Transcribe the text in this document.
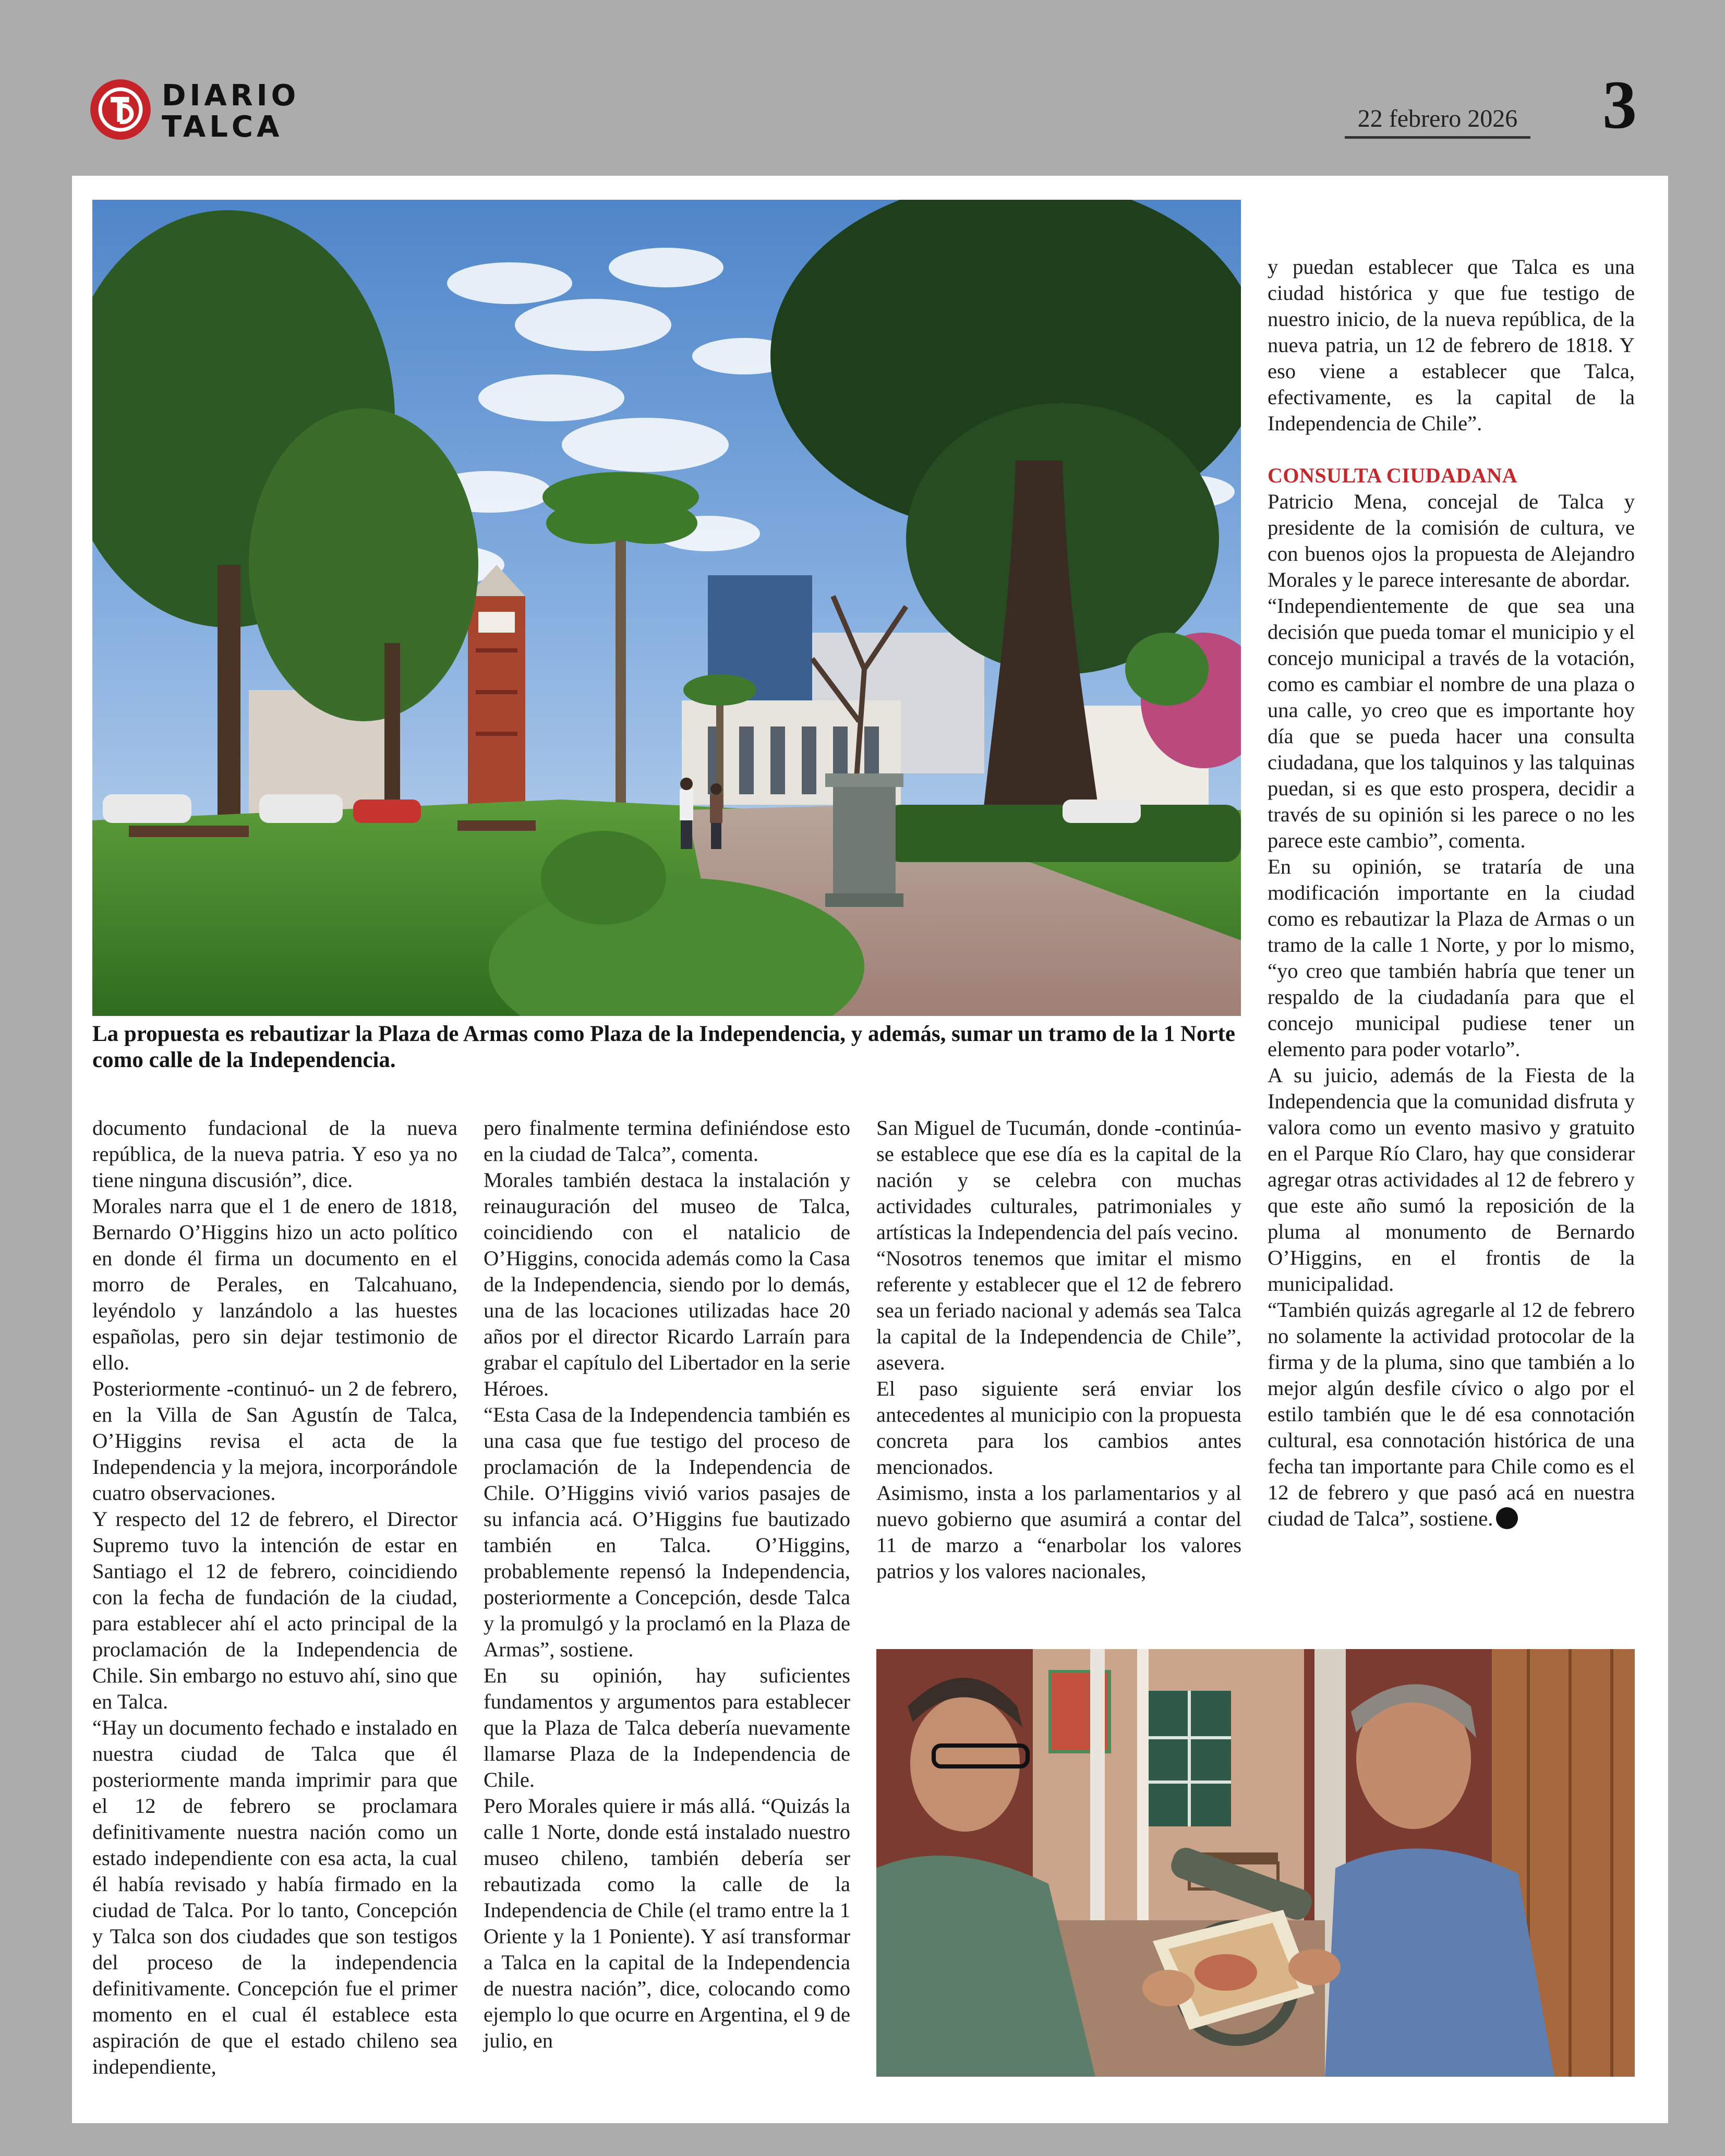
DIARIO
TALCA	22 febrero 2026 3

La propuesta es rebautizar la Plaza de Armas como Plaza de la Independencia, y además, sumar un tramo de la 1 Norte como calle de la Independencia.

documento fundacional de la nueva república, de la nueva patria. Y eso ya no tiene ninguna discusión”, dice.

Morales narra que el 1 de enero de 1818, Bernardo O’Higgins hizo un acto político en donde él firma un documento en el morro de Perales, en Talcahuano, leyéndolo y lanzándolo a las huestes españolas, pero sin dejar testimonio de ello.

Posteriormente -continuó- un 2 de febrero, en la Villa de San Agustín de Talca, O’Higgins revisa el acta de la Independencia y la mejora, incorporándole cuatro observaciones.

Y respecto del 12 de febrero, el Director Supremo tuvo la intención de estar en Santiago el 12 de febrero, coincidiendo con la fecha de fundación de la ciudad, para establecer ahí el acto principal de la proclamación de la Independencia de Chile. Sin embargo no estuvo ahí, sino que en Talca.

“Hay un documento fechado e instalado en nuestra ciudad de Talca que él posteriormente manda imprimir para que el 12 de febrero se proclamara definitivamente nuestra nación como un estado independiente con esa acta, la cual él había revisado y había firmado en la ciudad de Talca. Por lo tanto, Concepción y Talca son dos ciudades que son testigos del proceso de la independencia definitivamente. Concepción fue el primer momento en el cual él establece esta aspiración de que el estado chileno sea independiente,

pero finalmente termina definiéndose esto en la ciudad de Talca”, comenta.

Morales también destaca la instalación y reinauguración del museo de Talca, coincidiendo con el natalicio de O’Higgins, conocida además como la Casa de la Independencia, siendo por lo demás, una de las locaciones utilizadas hace 20 años por el director Ricardo Larraín para grabar el capítulo del Libertador en la serie Héroes.

“Esta Casa de la Independencia también es una casa que fue testigo del proceso de proclamación de la Independencia de Chile. O’Higgins vivió varios pasajes de su infancia acá. O’Higgins fue bautizado también en Talca. O’Higgins, probablemente repensó la Independencia, posteriormente a Concepción, desde Talca y la promulgó y la proclamó en la Plaza de Armas”, sostiene.

En su opinión, hay suficientes fundamentos y argumentos para establecer que la Plaza de Talca debería nuevamente llamarse Plaza de la Independencia de Chile.

Pero Morales quiere ir más allá. “Quizás la calle 1 Norte, donde está instalado nuestro museo chileno, también debería ser rebautizada como la calle de la Independencia de Chile (el tramo entre la 1 Oriente y la 1 Poniente). Y así transformar a Talca en la capital de la Independencia de nuestra nación”, dice, colocando como ejemplo lo que ocurre en Argentina, el 9 de julio, en

San Miguel de Tucumán, donde -continúa- se establece que ese día es la capital de la nación y se celebra con muchas actividades culturales, patrimoniales y artísticas la Independencia del país vecino.

“Nosotros tenemos que imitar el mismo referente y establecer que el 12 de febrero sea un feriado nacional y además sea Talca la capital de la Independencia de Chile”, asevera.

El paso siguiente será enviar los antecedentes al municipio con la propuesta concreta para los cambios antes mencionados.

Asimismo, insta a los parlamentarios y al nuevo gobierno que asumirá a contar del 11 de marzo a “enarbolar los valores patrios y los valores nacionales,

y puedan establecer que Talca es una ciudad histórica y que fue testigo de nuestro inicio, de la nueva república, de la nueva patria, un 12 de febrero de 1818. Y eso viene a establecer que Talca, efectivamente, es la capital de la Independencia de Chile”.

CONSULTA CIUDADANA

Patricio Mena, concejal de Talca y presidente de la comisión de cultura, ve con buenos ojos la propuesta de Alejandro Morales y le parece interesante de abordar.

“Independientemente de que sea una decisión que pueda tomar el municipio y el concejo municipal a través de la votación, como es cambiar el nombre de una plaza o una calle, yo creo que es importante hoy día que se pueda hacer una consulta ciudadana, que los talquinos y las talquinas puedan, si es que esto prospera, decidir a través de su opinión si les parece o no les parece este cambio”, comenta.

En su opinión, se trataría de una modificación importante en la ciudad como es rebautizar la Plaza de Armas o un tramo de la calle 1 Norte, y por lo mismo, “yo creo que también habría que tener un respaldo de la ciudadanía para que el concejo municipal pudiese tener un elemento para poder votarlo”.

A su juicio, además de la Fiesta de la Independencia que la comunidad disfruta y valora como un evento masivo y gratuito en el Parque Río Claro, hay que considerar agregar otras actividades al 12 de febrero y que este año sumó la reposición de la pluma al monumento de Bernardo O’Higgins, en el frontis de la municipalidad.

“También quizás agregarle al 12 de febrero no solamente la actividad protocolar de la firma y de la pluma, sino que también a lo mejor algún desfile cívico o algo por el estilo también que le dé esa connotación cultural, esa connotación histórica de una fecha tan importante para Chile como es el 12 de febrero y que pasó acá en nuestra ciudad de Talca”, sostiene.
